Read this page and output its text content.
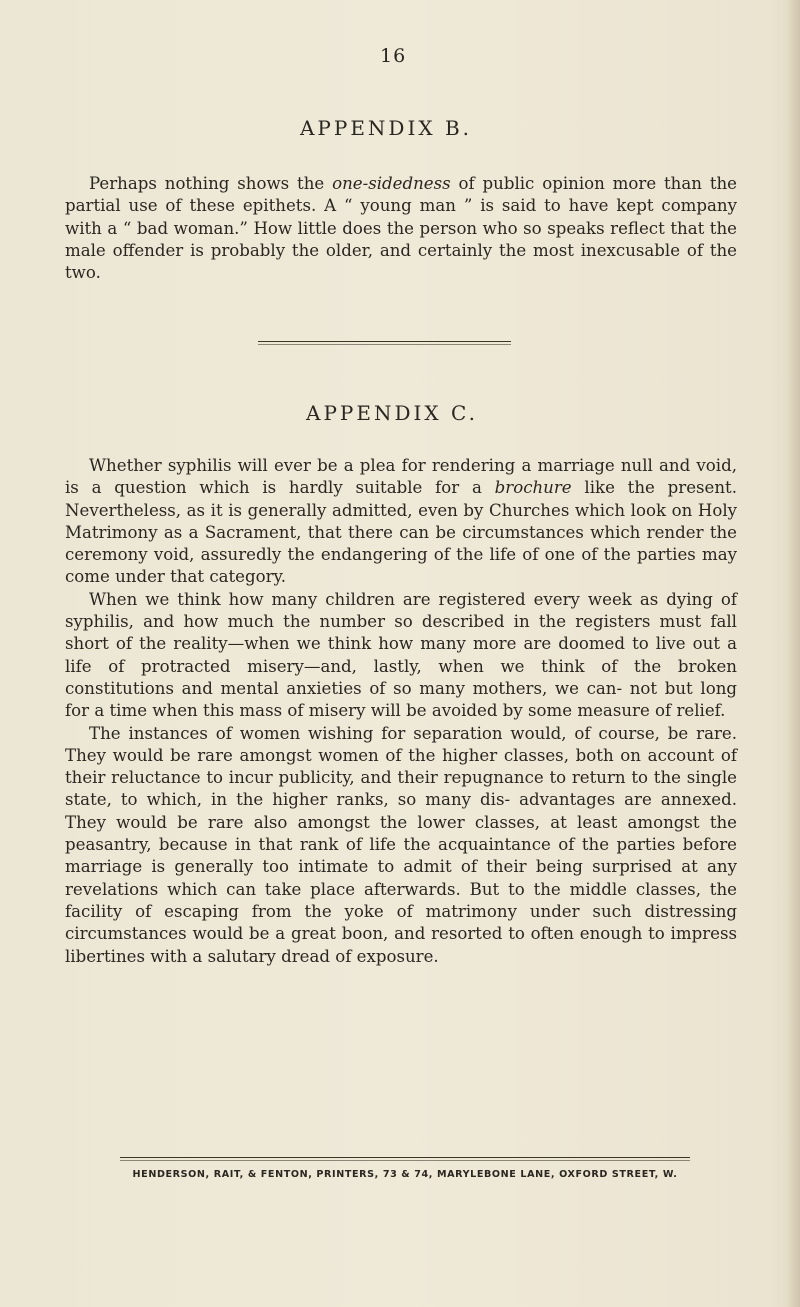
16
APPENDIX B.

Perhaps nothing shows the one-sidedness of public opinion more than the partial use of these epithets. A “ young man ” is said to have kept company with a “ bad woman.” How little does the person who so speaks reflect that the male offender is probably the older, and certainly the most inexcusable of the two.

APPENDIX C.

Whether syphilis will ever be a plea for rendering a marriage null and void, is a question which is hardly suitable for a brochure like the present. Nevertheless, as it is generally admitted, even by Churches which look on Holy Matrimony as a Sacrament, that there can be circumstances which render the ceremony void, assuredly the endangering of the life of one of the parties may come under that category.

When we think how many children are registered every week as dying of syphilis, and how much the number so described in the registers must fall short of the reality—when we think how many more are doomed to live out a life of protracted misery—and, lastly, when we think of the broken constitutions and mental anxieties of so many mothers, we can- not but long for a time when this mass of misery will be avoided by some measure of relief.

The instances of women wishing for separation would, of course, be rare. They would be rare amongst women of the higher classes, both on account of their reluctance to incur publicity, and their repugnance to return to the single state, to which, in the higher ranks, so many dis- advantages are annexed. They would be rare also amongst the lower classes, at least amongst the peasantry, because in that rank of life the acquaintance of the parties before marriage is generally too intimate to admit of their being surprised at any revelations which can take place afterwards. But to the middle classes, the facility of escaping from the yoke of matrimony under such distressing circumstances would be a great boon, and resorted to often enough to impress libertines with a salutary dread of exposure.

HENDERSON, RAIT, & FENTON, PRINTERS, 73 & 74, MARYLEBONE LANE, OXFORD STREET, W.
